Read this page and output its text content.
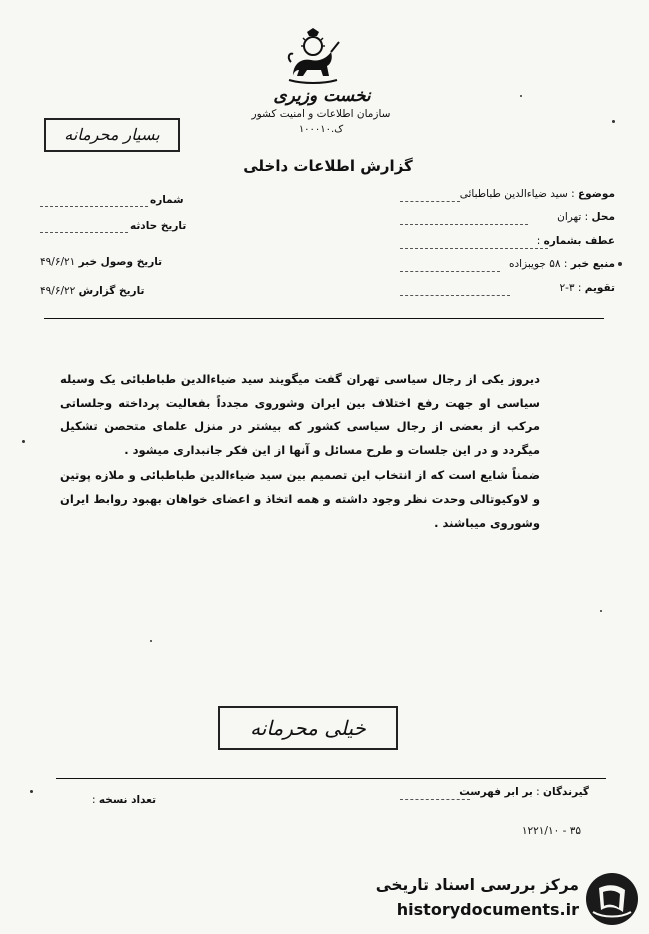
نخست وزیری
سازمان اطلاعات و امنیت کشور
ک.۱۰۰۰۱۰
بسیار محرمانه
گزارش اطلاعات داخلی
موضوع : سید ضیاءالدین طباطبائی
محل : تهران
عطف بشماره :
منبع خبر : ۵۸ جویبزاده
تقویم : ۳-۲
شماره
تاریخ حادثه
تاریخ وصول خبر ۴۹/۶/۲۱
تاریخ گزارش ۴۹/۶/۲۲

دیروز یکی از رجال سیاسی تهران گفت میگویند سید ضیاءالدین طباطبائی یک وسیله سیاسی او جهت رفع اختلاف بین ایران وشوروی مجدداً بفعالیت پرداخته وجلساتی مرکب از بعضی از رجال سیاسی کشور که بیشتر در منزل علمای متحصن تشکیل میگردد و در این جلسات و طرح مسائل و آنها از این فکر جانبداری میشود .

ضمناً شایع است که از انتخاب این تصمیم بین سید ضیاءالدین طباطبائی و ملازه پوتین و لاوکیوتالی وحدت نظر وجود داشته و همه اتخاذ و اعضای خواهان بهبود روابط ایران وشوروی میباشند .

خیلی محرمانه
گیرندگان : بر ابر فهرست
تعداد نسخه :
۳۵ - ۱۲۲۱/۱۰
مرکز بررسی اسناد تاریخی
historydocuments.ir
